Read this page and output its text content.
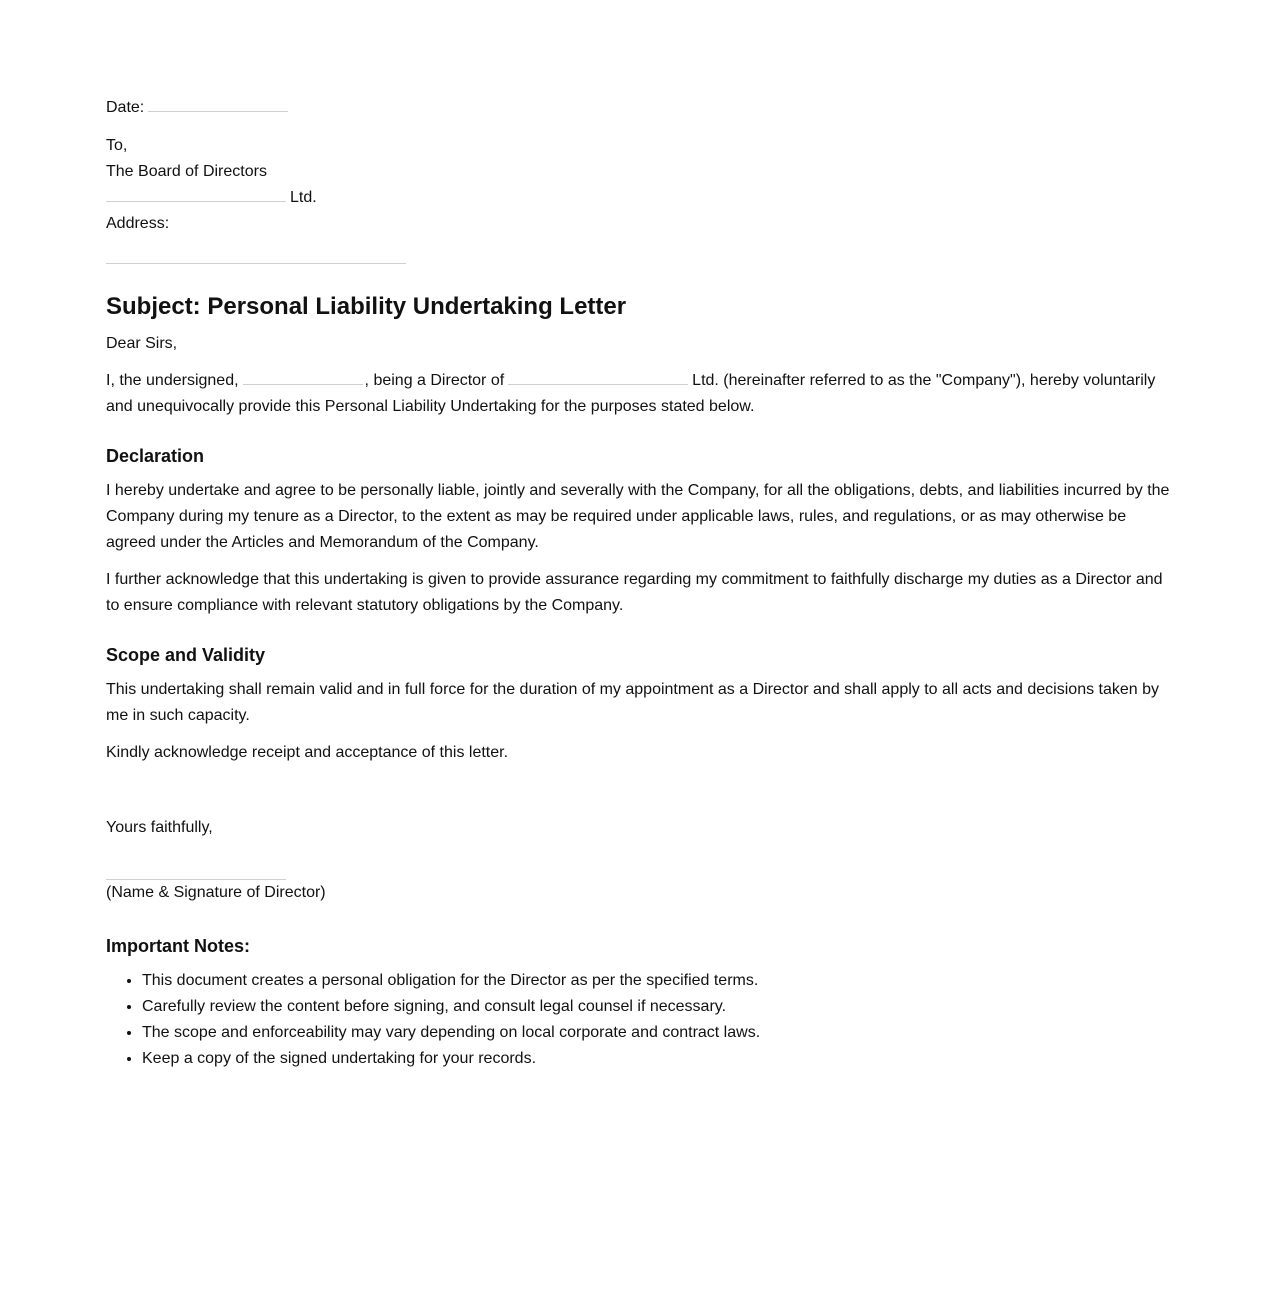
Date:

To,

The Board of Directors

Ltd.

Address:

Subject: Personal Liability Undertaking Letter

Dear Sirs,

I, the undersigned,	, being a Director of	Ltd. (hereinafter referred to as the "Company"), hereby voluntarily and unequivocally provide this Personal Liability Undertaking for the purposes stated below.

Declaration

I hereby undertake and agree to be personally liable, jointly and severally with the Company, for all the obligations, debts, and liabilities incurred by the Company during my tenure as a Director, to the extent as may be required under applicable laws, rules, and regulations, or as may otherwise be agreed under the Articles and Memorandum of the Company.

I further acknowledge that this undertaking is given to provide assurance regarding my commitment to faithfully discharge my duties as a Director and to ensure compliance with relevant statutory obligations by the Company.

Scope and Validity

This undertaking shall remain valid and in full force for the duration of my appointment as a Director and shall apply to all acts and decisions taken by me in such capacity.

Kindly acknowledge receipt and acceptance of this letter.

Yours faithfully,

(Name & Signature of Director)

Important Notes:
• This document creates a personal obligation for the Director as per the specified terms.
• Carefully review the content before signing, and consult legal counsel if necessary.
• The scope and enforceability may vary depending on local corporate and contract laws.
• Keep a copy of the signed undertaking for your records.
